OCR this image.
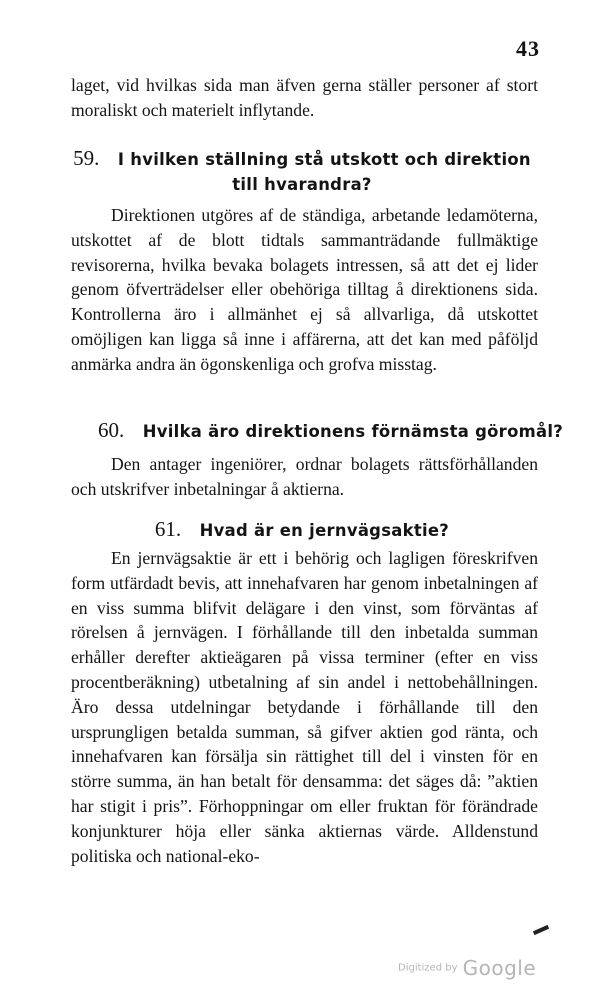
43
laget, vid hvilkas sida man äfven gerna ställer personer af stort moraliskt och materielt inflytande.
59. I hvilken ställning stå utskott och direktion
till hvarandra?
Direktionen utgöres af de ständiga, arbetande ledamöterna, utskottet af de blott tidtals sammanträdande fullmäktige revisorerna, hvilka bevaka bolagets intressen, så att det ej lider genom öfverträdelser eller obehöriga tilltag å direktionens sida. Kontrollerna äro i allmänhet ej så allvarliga, då utskottet omöjligen kan ligga så inne i affärerna, att det kan med påföljd anmärka andra än ögonskenliga och grofva misstag.
60. Hvilka äro direktionens förnämsta göromål?
Den antager ingeniörer, ordnar bolagets rättsförhållanden och utskrifver inbetalningar å aktierna.
61. Hvad är en jernvägsaktie?
En jernvägsaktie är ett i behörig och lagligen föreskrifven form utfärdadt bevis, att innehafvaren har genom inbetalningen af en viss summa blifvit delägare i den vinst, som förväntas af rörelsen å jernvägen. I förhållande till den inbetalda summan erhåller derefter aktieägaren på vissa terminer (efter en viss procentberäkning) utbetalning af sin andel i nettobehållningen. Äro dessa utdelningar betydande i förhållande till den ursprungligen betalda summan, så gifver aktien god ränta, och innehafvaren kan försälja sin rättighet till del i vinsten för en större summa, än han betalt för densamma: det säges då: ”aktien har stigit i pris”. Förhoppningar om eller fruktan för förändrade konjunkturer höja eller sänka aktiernas värde. Alldenstund politiska och national-eko-
Digitized by Google
